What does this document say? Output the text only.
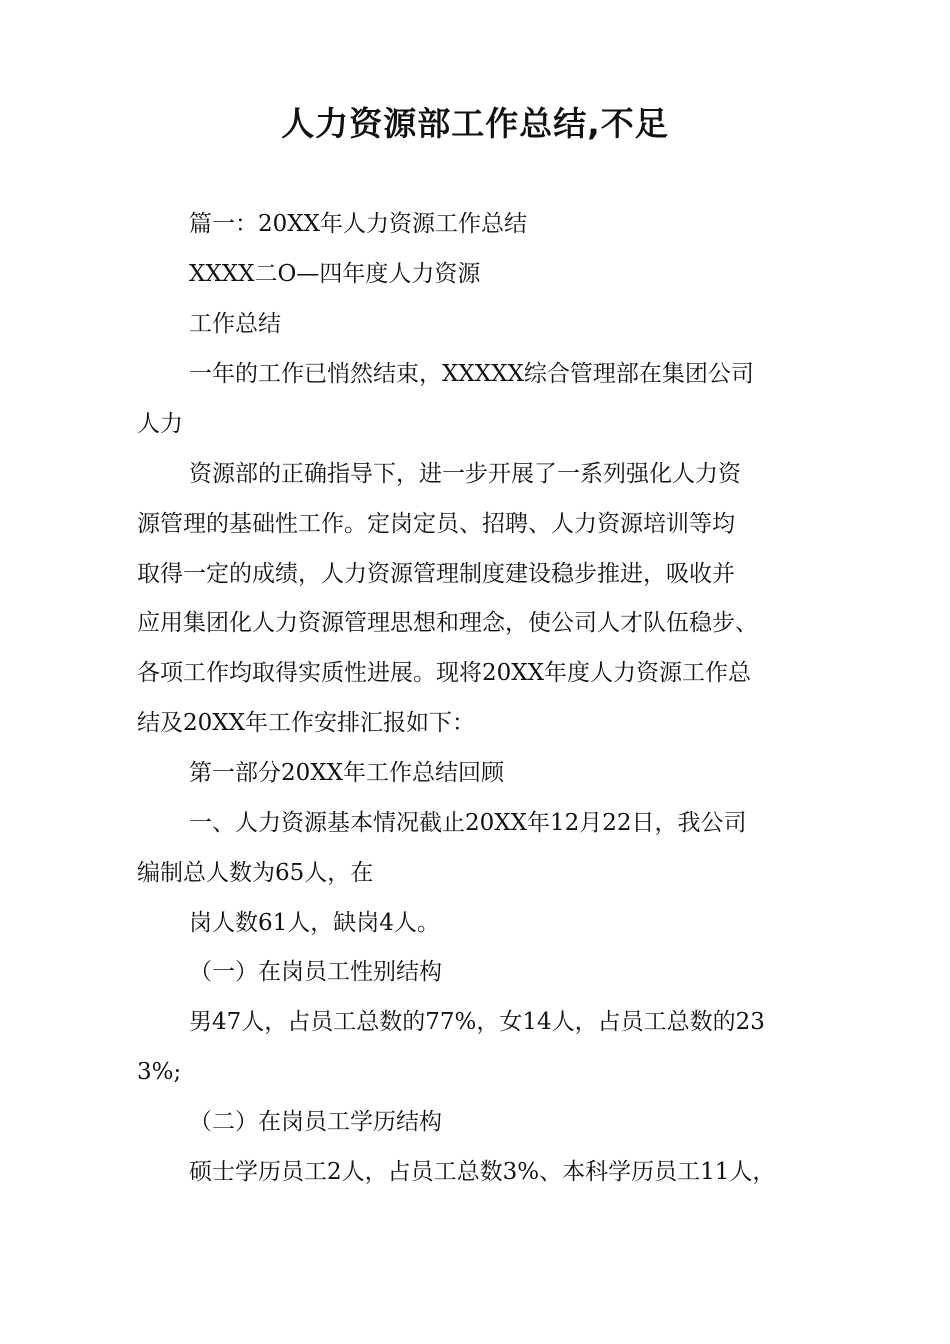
人力资源部工作总结,不足

篇一：20XX年人力资源工作总结

XXXX二O—四年度人力资源

工作总结

一年的工作已悄然结束，XXXXX综合管理部在集团公司

人力

资源部的正确指导下，进一步开展了一系列强化人力资

源管理的基础性工作。定岗定员、招聘、人力资源培训等均

取得一定的成绩，人力资源管理制度建设稳步推进，吸收并

应用集团化人力资源管理思想和理念，使公司人才队伍稳步、

各项工作均取得实质性进展。现将20XX年度人力资源工作总

结及20XX年工作安排汇报如下：

第一部分20XX年工作总结回顾

一、人力资源基本情况截止20XX年12月22日，我公司

编制总人数为65人，在

岗人数61人，缺岗4人。

（一）在岗员工性别结构

男47人，占员工总数的77%，女14人，占员工总数的23

3%;

（二）在岗员工学历结构

硕士学历员工2人，占员工总数3%、本科学历员工11人，
